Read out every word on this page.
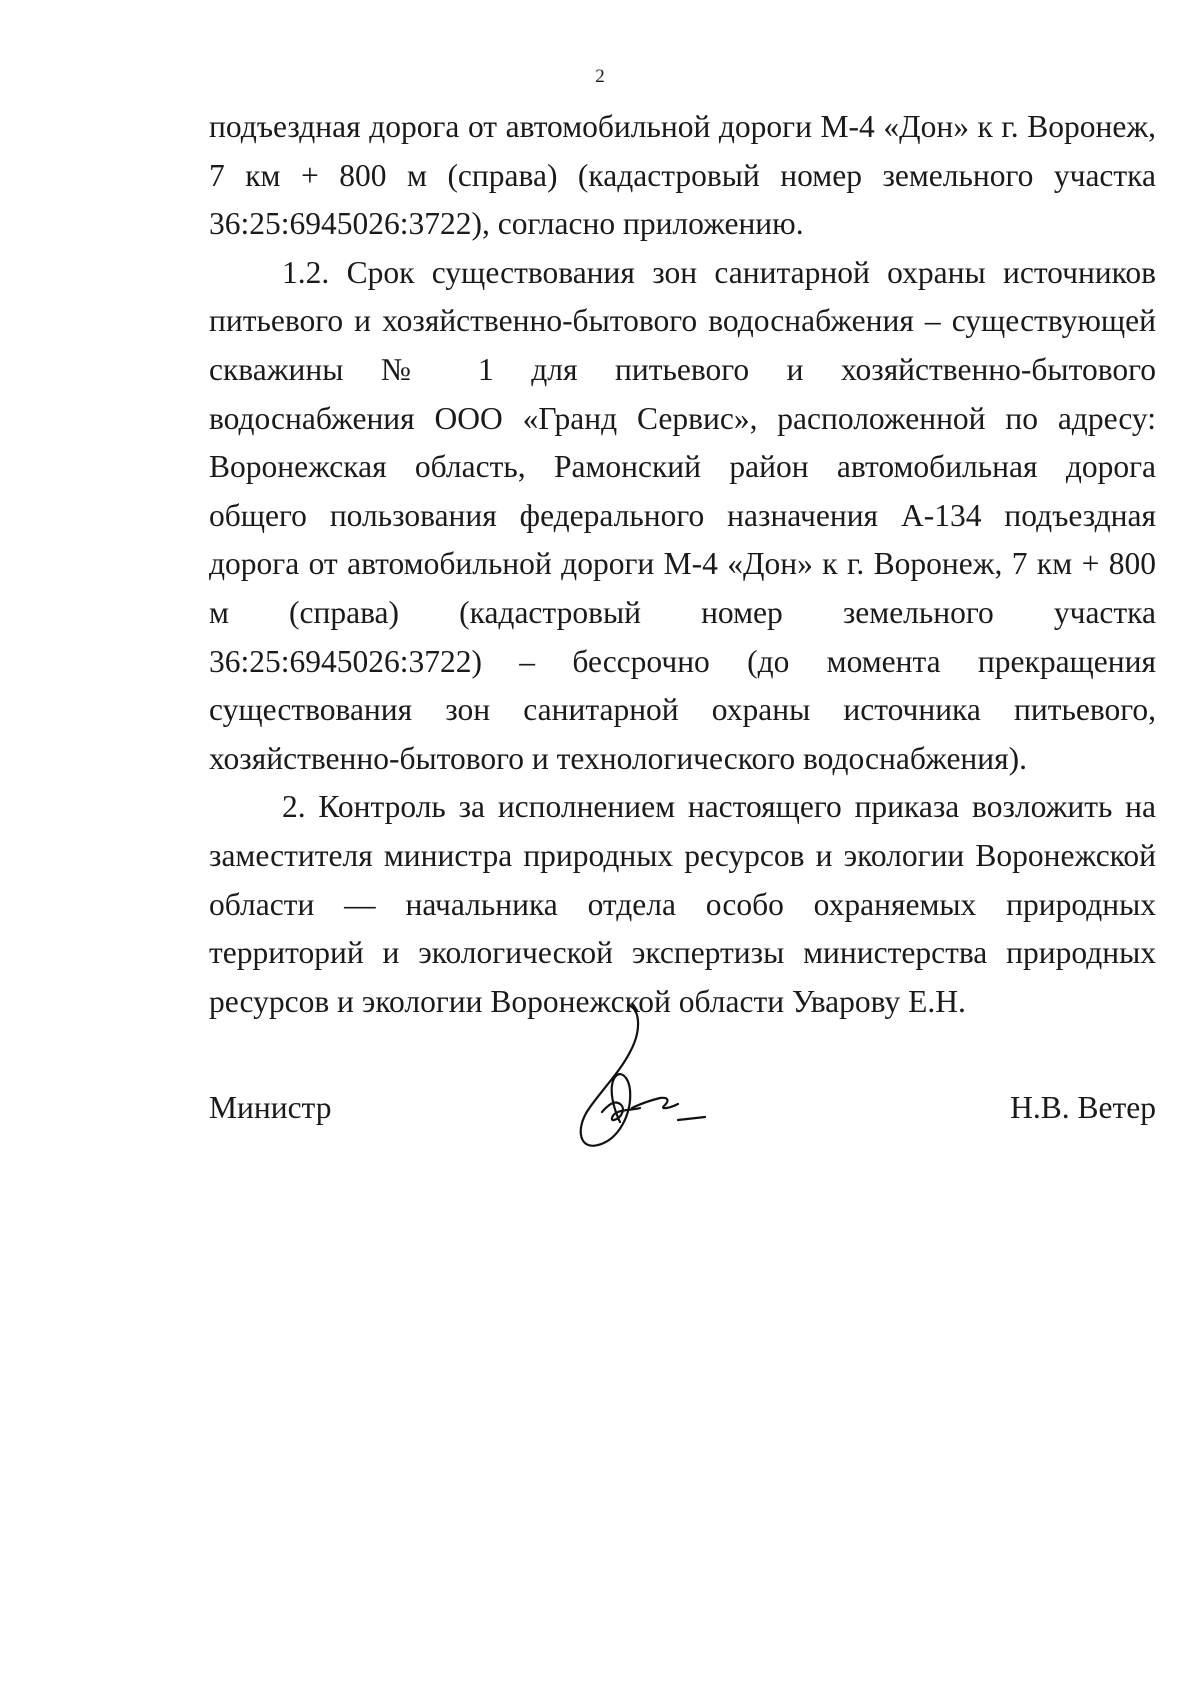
2

подъездная дорога от автомобильной дороги М-4 «Дон» к г. Воронеж, 7 км + 800 м (справа) (кадастровый номер земельного участка 36:25:6945026:3722), согласно приложению.

1.2. Срок существования зон санитарной охраны источников питьевого и хозяйственно-бытового водоснабжения – существующей скважины № 1 для питьевого и хозяйственно-бытового водоснабжения ООО «Гранд Сервис», расположенной по адресу: Воронежская область, Рамонский район автомобильная дорога общего пользования федерального назначения А-134 подъездная дорога от автомобильной дороги М-4 «Дон» к г. Воронеж, 7 км + 800 м (справа) (кадастровый номер земельного участка 36:25:6945026:3722) – бессрочно (до момента прекращения существования зон санитарной охраны источника питьевого, хозяйственно-бытового и технологического водоснабжения).

2. Контроль за исполнением настоящего приказа возложить на заместителя министра природных ресурсов и экологии Воронежской области — начальника отдела особо охраняемых природных территорий и экологической экспертизы министерства природных ресурсов и экологии Воронежской области Уварову Е.Н.

Министр	Н.В. Ветер
